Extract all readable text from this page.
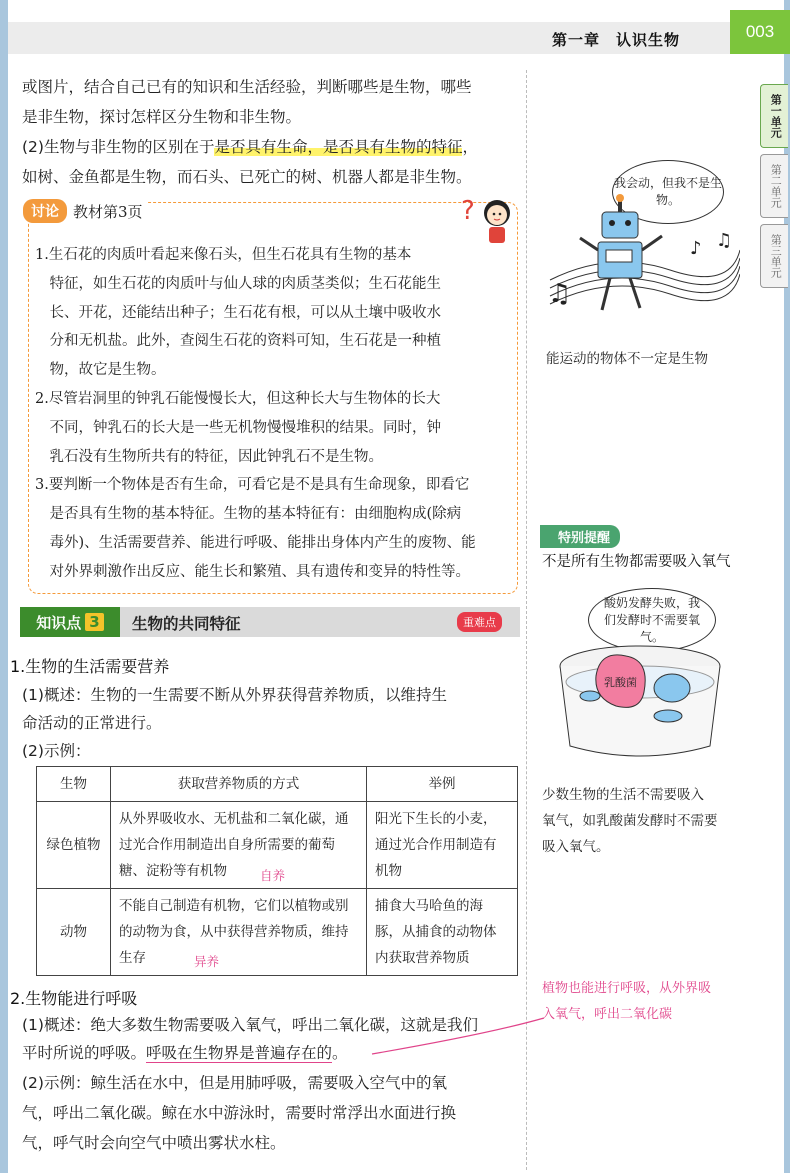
第一章　认识生物
或图片，结合自己已有的知识和生活经验，判断哪些是生物，哪些
是非生物，探讨怎样区分生物和非生物。
(2)生物与非生物的区别在于是否具有生命，是否具有生物的特征，
如树、金鱼都是生物，而石头、已死亡的树、机器人都是非生物。
讨论 教材第3页	?
1.生石花的肉质叶看起来像石头，但生石花具有生物的基本
　特征，如生石花的肉质叶与仙人球的肉质茎类似；生石花能生
　长、开花，还能结出种子；生石花有根，可以从土壤中吸收水
　分和无机盐。此外，查阅生石花的资料可知，生石花是一种植
　物，故它是生物。
2.尽管岩洞里的钟乳石能慢慢长大，但这种长大与生物体的长大
　不同，钟乳石的长大是一些无机物慢慢堆积的结果。同时，钟
　乳石没有生物所共有的特征，因此钟乳石不是生物。
3.要判断一个物体是否有生命，可看它是不是具有生命现象，即看它
　是否具有生物的基本特征。生物的基本特征有：由细胞构成(除病
　毒外)、生活需要营养、能进行呼吸、能排出身体内产生的废物、能
　对外界刺激作出反应、能生长和繁殖、具有遗传和变异的特性等。
知识点 3 生物的共同特征	重难点
1.生物的生活需要营养
(1)概述：生物的一生需要不断从外界获得营养物质，以维持生
命活动的正常进行。
(2)示例：
生物	获取营养物质的方式	举例
绿色植物	从外界吸收水、无机盐和二氧化碳，通过光合作用制造出自身所需要的葡萄糖、淀粉等有机物	阳光下生长的小麦，通过光合作用制造有机物
动物	不能自己制造有机物，它们以植物或别的动物为食，从中获得营养物质，维持生存	捕食大马哈鱼的海豚，从捕食的动物体内获取营养物质
自养
异养
2.生物能进行呼吸
(1)概述：绝大多数生物需要吸入氧气，呼出二氧化碳，这就是我们
平时所说的呼吸。呼吸在生物界是普遍存在的。
(2)示例：鲸生活在水中，但是用肺呼吸，需要吸入空气中的氧
气，呼出二氧化碳。鲸在水中游泳时，需要时常浮出水面进行换
气，呼气时会向空气中喷出雾状水柱。
我会动，但我不是生物。
♫
♪ ♫
能运动的物体不一定是生物
特别提醒
不是所有生物都需要吸入氧气
酸奶发酵失败，我们发酵时不需要氧气。
乳酸菌
少数生物的生活不需要吸入
氧气，如乳酸菌发酵时不需要
吸入氧气。
植物也能进行呼吸，从外界吸
入氧气，呼出二氧化碳
003
第一单元
第二单元
第三单元
